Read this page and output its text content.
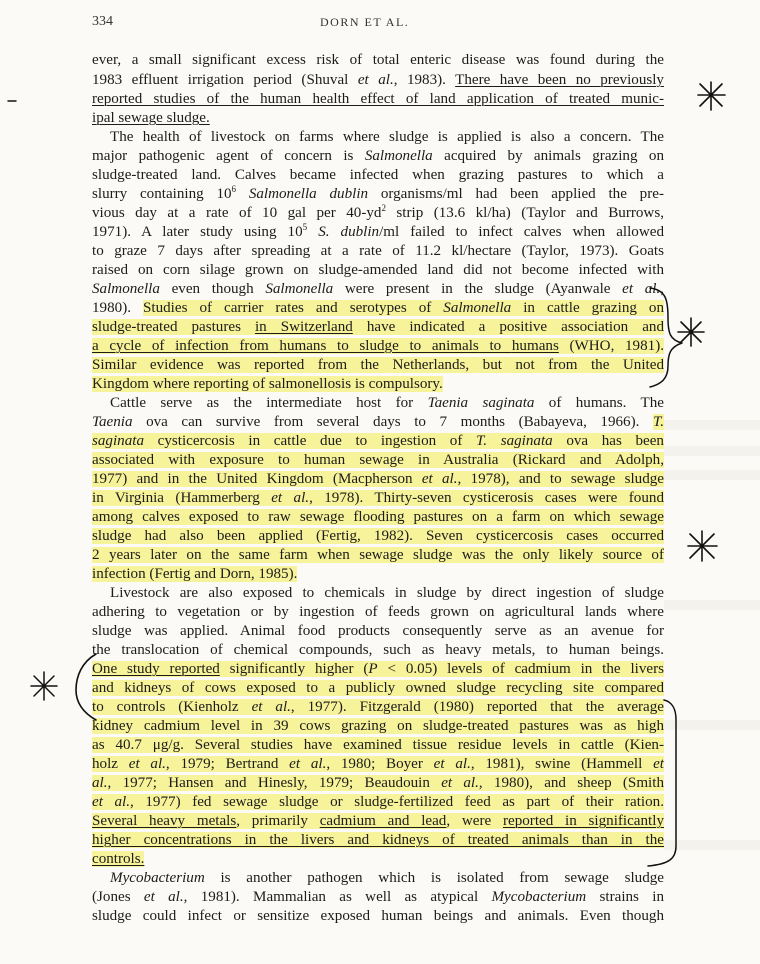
334	DORN ET AL.
ever, a small significant excess risk of total enteric disease was found during the
1983 effluent irrigation period (Shuval et al., 1983). There have been no previously
reported studies of the human health effect of land application of treated munic-
ipal sewage sludge.
The health of livestock on farms where sludge is applied is also a concern. The
major pathogenic agent of concern is Salmonella acquired by animals grazing on
sludge-treated land. Calves became infected when grazing pastures to which a
slurry containing $10^6$ Salmonella dublin organisms/ml had been applied the pre-
vious day at a rate of 10 gal per $40-yd^2$ strip (13.6 kl/ha) (Taylor and Burrows,
1971). A later study using $10^5$ S. dublin/ml failed to infect calves when allowed
to graze 7 days after spreading at a rate of 11.2 kl/hectare (Taylor, 1973). Goats
raised on corn silage grown on sludge-amended land did not become infected with
Salmonella even though Salmonella were present in the sludge (Ayanwale et al.,
1980). Studies of carrier rates and serotypes of Salmonella in cattle grazing on
sludge-treated pastures in Switzerland have indicated a positive association and
a cycle of infection from humans to sludge to animals to humans (WHO, 1981).
Similar evidence was reported from the Netherlands, but not from the United
Kingdom where reporting of salmonellosis is compulsory.
Cattle serve as the intermediate host for Taenia saginata of humans. The
Taenia ova can survive from several days to 7 months (Babayeva, 1966). T.
saginata cysticercosis in cattle due to ingestion of T. saginata ova has been
associated with exposure to human sewage in Australia (Rickard and Adolph,
1977) and in the United Kingdom (Macpherson et al., 1978), and to sewage sludge
in Virginia (Hammerberg et al., 1978). Thirty-seven cysticerosis cases were found
among calves exposed to raw sewage flooding pastures on a farm on which sewage
sludge had also been applied (Fertig, 1982). Seven cysticercosis cases occurred
2 years later on the same farm when sewage sludge was the only likely source of
infection (Fertig and Dorn, 1985).
Livestock are also exposed to chemicals in sludge by direct ingestion of sludge
adhering to vegetation or by ingestion of feeds grown on agricultural lands where
sludge was applied. Animal food products consequently serve as an avenue for
the translocation of chemical compounds, such as heavy metals, to human beings.
One study reported significantly higher (P < 0.05) levels of cadmium in the livers
and kidneys of cows exposed to a publicly owned sludge recycling site compared
to controls (Kienholz et al., 1977). Fitzgerald (1980) reported that the average
kidney cadmium level in 39 cows grazing on sludge-treated pastures was as high
as 40.7 μg/g. Several studies have examined tissue residue levels in cattle (Kien-
holz et al., 1979; Bertrand et al., 1980; Boyer et al., 1981), swine (Hammell et
al., 1977; Hansen and Hinesly, 1979; Beaudouin et al., 1980), and sheep (Smith
et al., 1977) fed sewage sludge or sludge-fertilized feed as part of their ration.
Several heavy metals, primarily cadmium and lead, were reported in significantly
higher concentrations in the livers and kidneys of treated animals than in the
controls.
Mycobacterium is another pathogen which is isolated from sewage sludge
(Jones et al., 1981). Mammalian as well as atypical Mycobacterium strains in
sludge could infect or sensitize exposed human beings and animals. Even though
